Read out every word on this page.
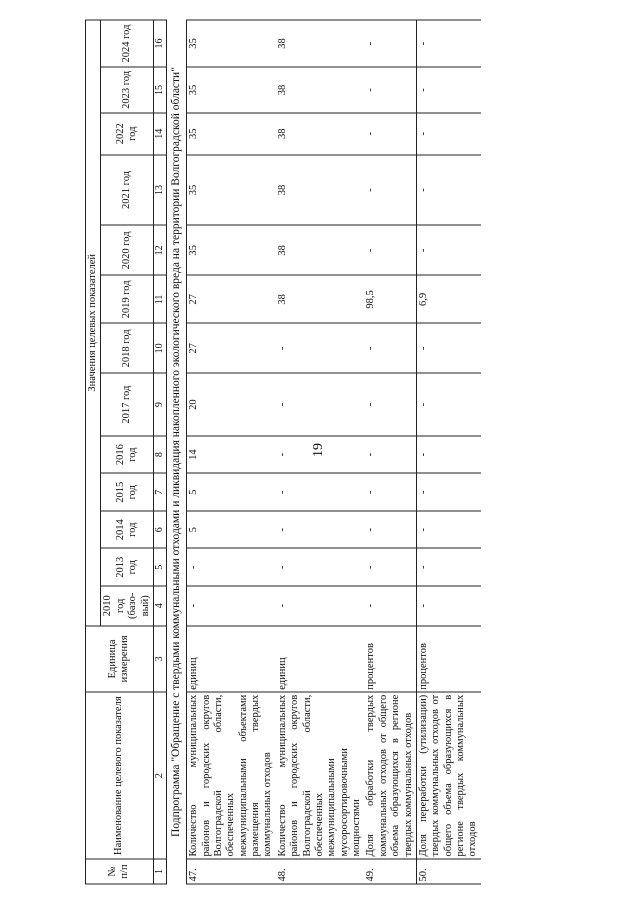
19
№ п/п	Наименование целевого показателя	Единица измерения	Значения целевых показателей												
			2010 год (базо-вый)	2013 год	2014 год	2015 год	2016 год	2017 год	2018 год	2019 год	2020 год	2021 год	2022 год	2023 год	2024 год
1	2	3	4	5	6	7	8	9	10	11	12	13	14	15	16
Подпрограмма "Обращение с твердыми коммунальными отходами и ликвидация накопленного экологического вреда на территории Волгоградской области"															
47.	Количество муниципальных районов и городских округов Волгоградской области, обеспеченных межмуниципальными объектами размещения твердых коммунальных отходов	единиц	-	-	5	5	14	20	27	27	35	35	35	35	35
48.	Количество муниципальных районов и городских округов Волгоградской области, обеспеченных межмуниципальными мусоросортировочными мощностями	единиц	-	-	-	-	-	-	-	38	38	38	38	38	38
49.	Доля обработки твердых коммунальных отходов от общего объема образующихся в регионе твердых коммунальных отходов	процентов	-	-	-	-	-	-	-	98,5	-	-	-	-	-
50.	Доля переработки (утилизации) твердых коммунальных отходов от общего объема образующихся в регионе твердых коммунальных отходов	процентов	-	-	-	-	-	-	-	6,9	-	-	-	-	-
